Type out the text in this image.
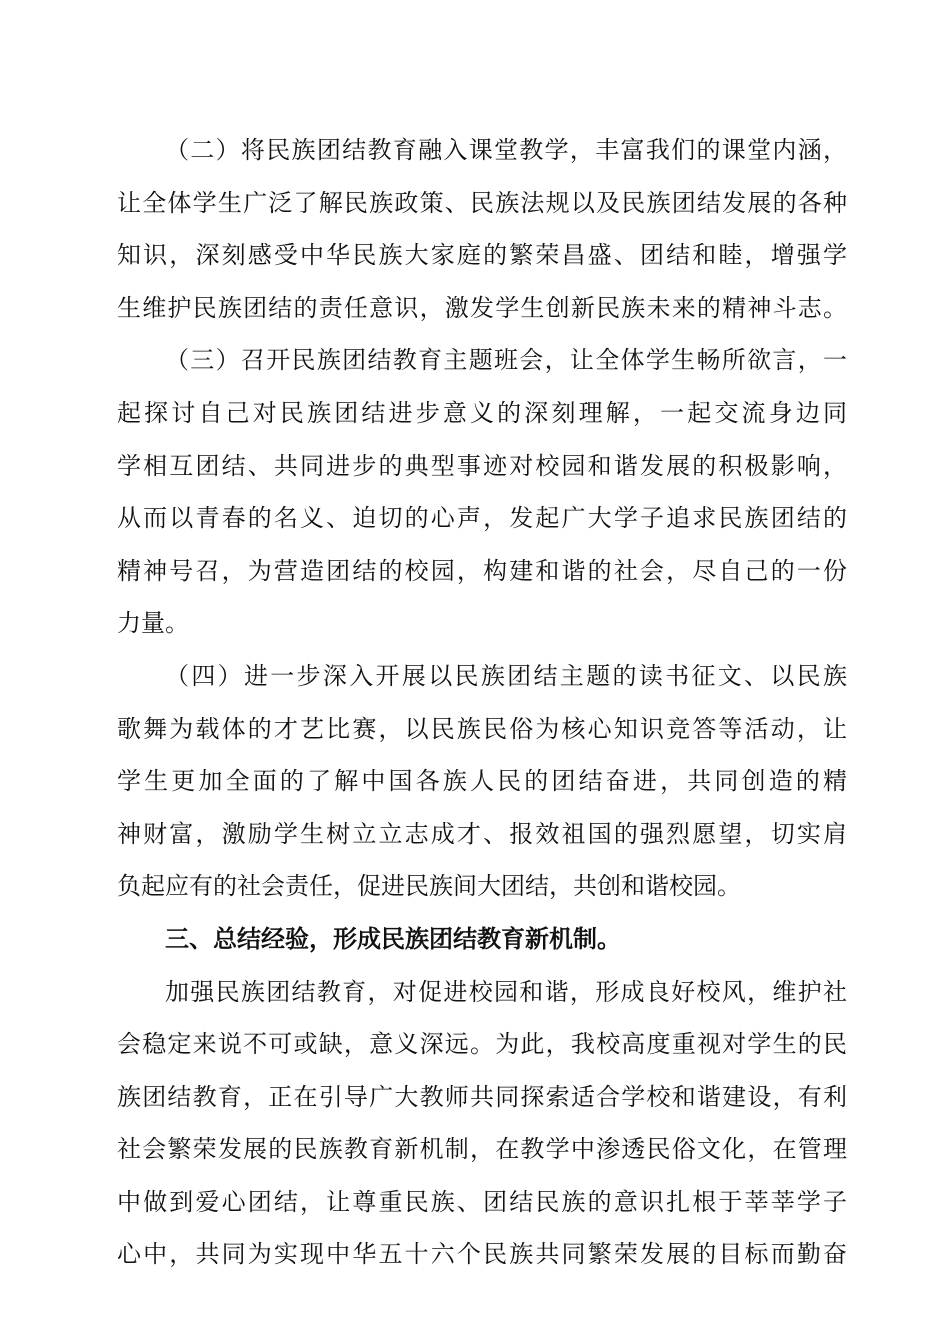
（二）将民族团结教育融入课堂教学，丰富我们的课堂内涵，
让全体学生广泛了解民族政策、民族法规以及民族团结发展的各种
知识，深刻感受中华民族大家庭的繁荣昌盛、团结和睦，增强学
生维护民族团结的责任意识，激发学生创新民族未来的精神斗志。
（三）召开民族团结教育主题班会，让全体学生畅所欲言，一
起探讨自己对民族团结进步意义的深刻理解，一起交流身边同
学相互团结、共同进步的典型事迹对校园和谐发展的积极影响，
从而以青春的名义、迫切的心声，发起广大学子追求民族团结的
精神号召，为营造团结的校园，构建和谐的社会，尽自己的一份
力量。
（四）进一步深入开展以民族团结主题的读书征文、以民族
歌舞为载体的才艺比赛，以民族民俗为核心知识竞答等活动，让
学生更加全面的了解中国各族人民的团结奋进，共同创造的精
神财富，激励学生树立立志成才、报效祖国的强烈愿望，切实肩
负起应有的社会责任，促进民族间大团结，共创和谐校园。
三、总结经验，形成民族团结教育新机制。
加强民族团结教育，对促进校园和谐，形成良好校风，维护社
会稳定来说不可或缺，意义深远。为此，我校高度重视对学生的民
族团结教育，正在引导广大教师共同探索适合学校和谐建设，有利
社会繁荣发展的民族教育新机制，在教学中渗透民俗文化，在管理
中做到爱心团结，让尊重民族、团结民族的意识扎根于莘莘学子
心中，共同为实现中华五十六个民族共同繁荣发展的目标而勤奋
